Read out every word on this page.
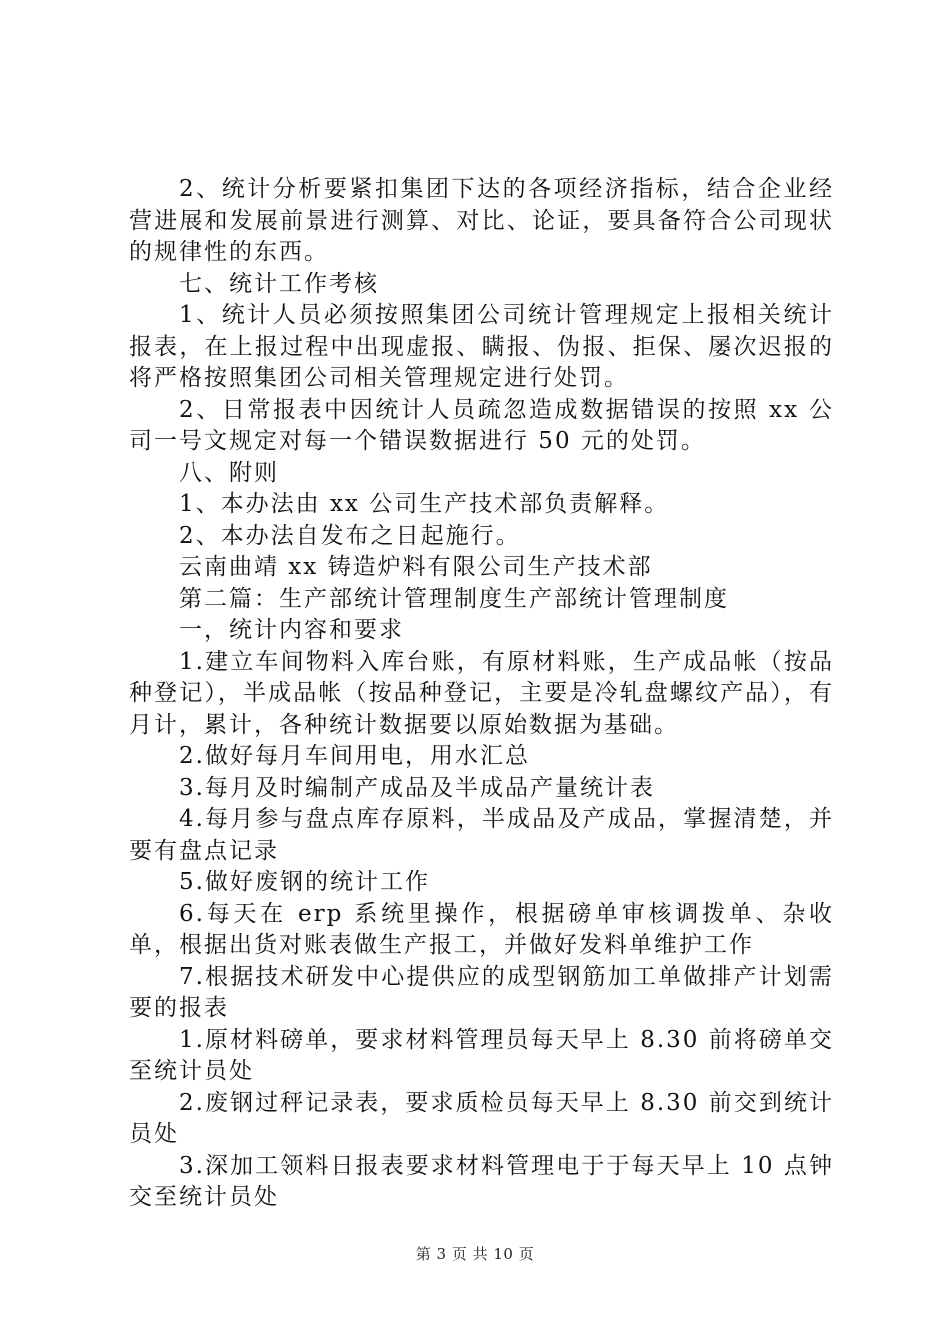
2、统计分析要紧扣集团下达的各项经济指标，结合企业经营进展和发展前景进行测算、对比、论证，要具备符合公司现状的规律性的东西。

七、统计工作考核

1、统计人员必须按照集团公司统计管理规定上报相关统计报表，在上报过程中出现虚报、瞒报、伪报、拒保、屡次迟报的将严格按照集团公司相关管理规定进行处罚。

2、日常报表中因统计人员疏忽造成数据错误的按照 xx 公司一号文规定对每一个错误数据进行 50 元的处罚。

八、附则

1、本办法由 xx 公司生产技术部负责解释。

2、本办法自发布之日起施行。

云南曲靖 xx 铸造炉料有限公司生产技术部

第二篇：生产部统计管理制度生产部统计管理制度

一，统计内容和要求

1.建立车间物料入库台账，有原材料账，生产成品帐（按品种登记），半成品帐（按品种登记，主要是冷轧盘螺纹产品），有月计，累计，各种统计数据要以原始数据为基础。

2.做好每月车间用电，用水汇总

3.每月及时编制产成品及半成品产量统计表

4.每月参与盘点库存原料，半成品及产成品，掌握清楚，并要有盘点记录

5.做好废钢的统计工作

6.每天在 erp 系统里操作，根据磅单审核调拨单、杂收单，根据出货对账表做生产报工，并做好发料单维护工作

7.根据技术研发中心提供应的成型钢筋加工单做排产计划需要的报表

1.原材料磅单，要求材料管理员每天早上 8.30 前将磅单交至统计员处

2.废钢过秤记录表，要求质检员每天早上 8.30 前交到统计员处

3.深加工领料日报表要求材料管理电于于每天早上 10 点钟交至统计员处

第 3 页 共 10 页
